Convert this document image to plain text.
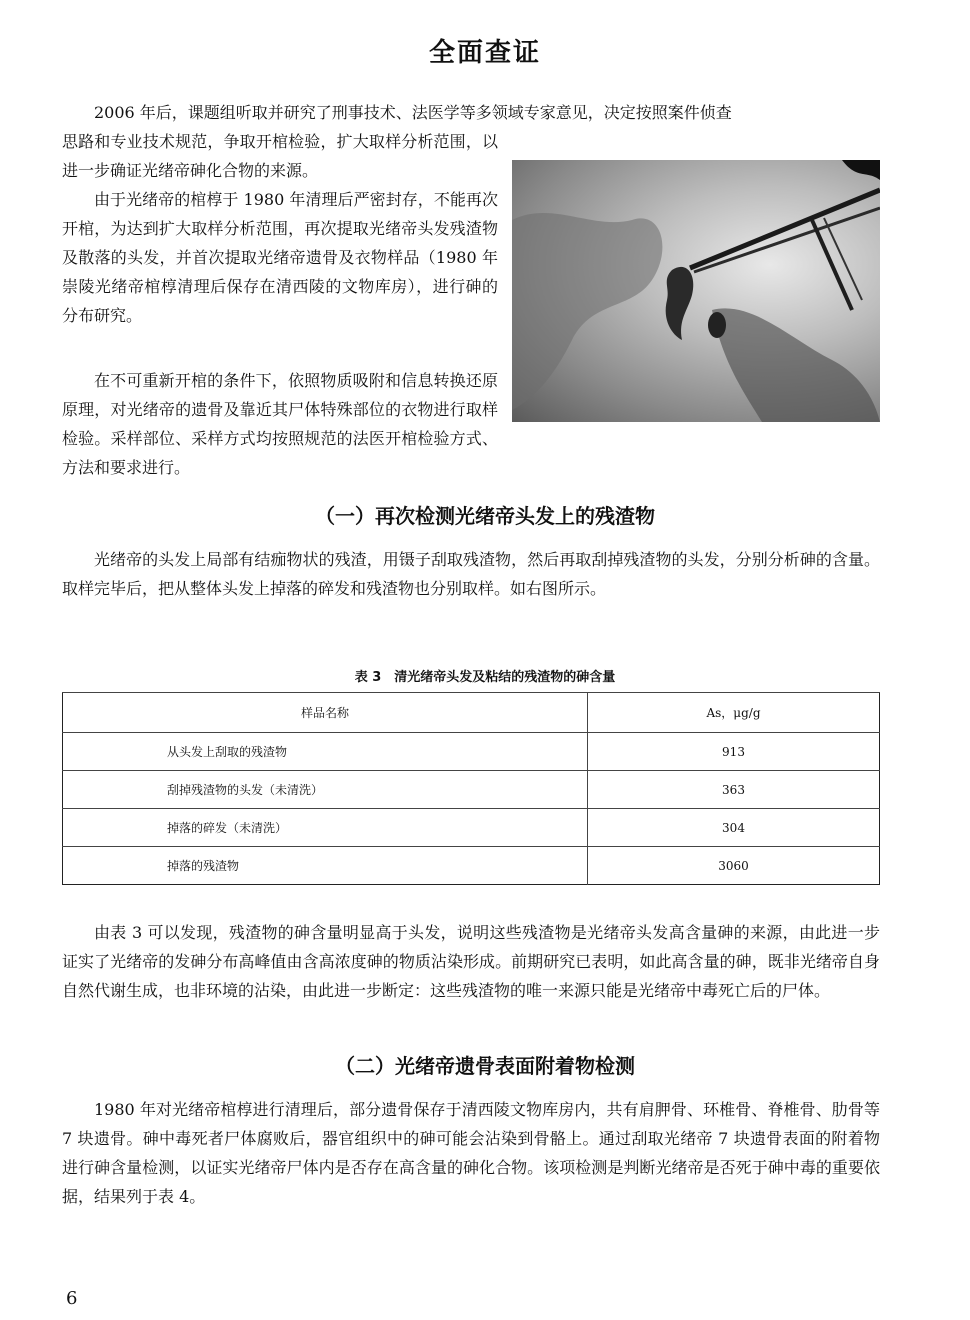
全面查证

2006 年后，课题组听取并研究了刑事技术、法医学等多领域专家意见，决定按照案件侦查

思路和专业技术规范，争取开棺检验，扩大取样分析范围，以进一步确证光绪帝砷化合物的来源。

由于光绪帝的棺椁于 1980 年清理后严密封存，不能再次开棺，为达到扩大取样分析范围，再次提取光绪帝头发残渣物及散落的头发，并首次提取光绪帝遗骨及衣物样品（1980 年崇陵光绪帝棺椁清理后保存在清西陵的文物库房），进行砷的分布研究。

在不可重新开棺的条件下，依照物质吸附和信息转换还原原理，对光绪帝的遗骨及靠近其尸体特殊部位的衣物进行取样检验。采样部位、采样方式均按照规范的法医开棺检验方式、方法和要求进行。

（一）再次检测光绪帝头发上的残渣物

光绪帝的头发上局部有结痂物状的残渣，用镊子刮取残渣物，然后再取刮掉残渣物的头发，分别分析砷的含量。取样完毕后，把从整体头发上掉落的碎发和残渣物也分别取样。如右图所示。

表 3　清光绪帝头发及粘结的残渣物的砷含量
样品名称	As，μg/g
从头发上刮取的残渣物	913
刮掉残渣物的头发（未清洗）	363
掉落的碎发（未清洗）	304
掉落的残渣物	3060

由表 3 可以发现，残渣物的砷含量明显高于头发，说明这些残渣物是光绪帝头发高含量砷的来源，由此进一步证实了光绪帝的发砷分布高峰值由含高浓度砷的物质沾染形成。前期研究已表明，如此高含量的砷，既非光绪帝自身自然代谢生成，也非环境的沾染，由此进一步断定：这些残渣物的唯一来源只能是光绪帝中毒死亡后的尸体。

（二）光绪帝遗骨表面附着物检测

1980 年对光绪帝棺椁进行清理后，部分遗骨保存于清西陵文物库房内，共有肩胛骨、环椎骨、脊椎骨、肋骨等 7 块遗骨。砷中毒死者尸体腐败后，器官组织中的砷可能会沾染到骨骼上。通过刮取光绪帝 7 块遗骨表面的附着物进行砷含量检测，以证实光绪帝尸体内是否存在高含量的砷化合物。该项检测是判断光绪帝是否死于砷中毒的重要依据，结果列于表 4。

6
